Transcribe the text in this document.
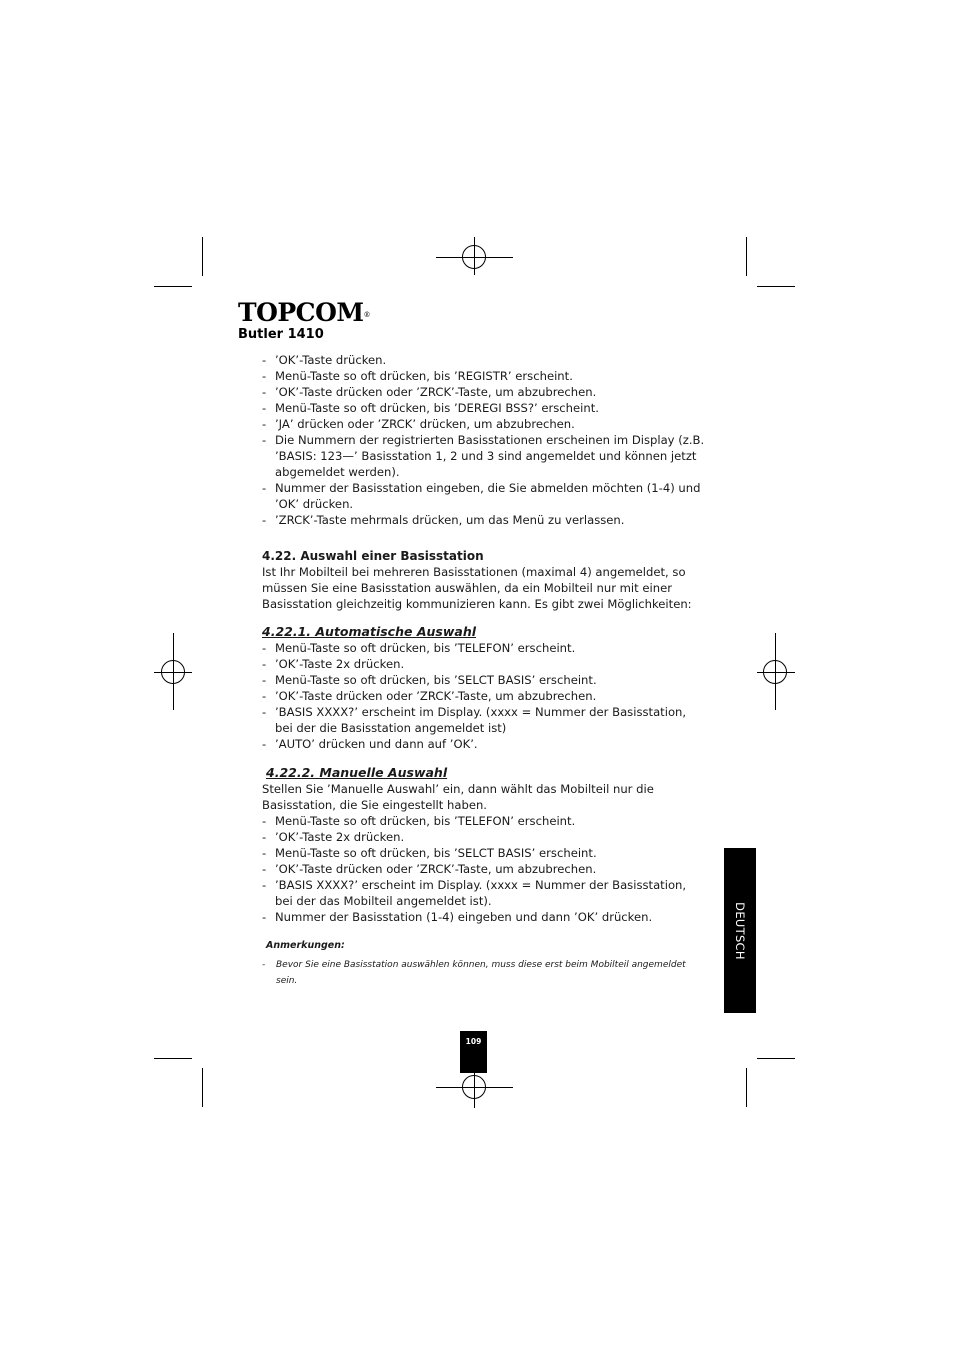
TOPCOM®
Butler 1410
- ’OK’-Taste drücken.
- Menü-Taste so oft drücken, bis ’REGISTR’ erscheint.
- ’OK’-Taste drücken oder ’ZRCK’-Taste, um abzubrechen.
- Menü-Taste so oft drücken, bis ’DEREGI BSS?’ erscheint.
- ’JA’ drücken oder ’ZRCK’ drücken, um abzubrechen.
- Die Nummern der registrierten Basisstationen erscheinen im Display (z.B. ’BASIS: 123—’ Basisstation 1, 2 und 3 sind angemeldet und können jetzt abgemeldet werden).
- Nummer der Basisstation eingeben, die Sie abmelden möchten (1-4) und ’OK’ drücken.
- ’ZRCK’-Taste mehrmals drücken, um das Menü zu verlassen.
4.22. Auswahl einer Basisstation

Ist Ihr Mobilteil bei mehreren Basisstationen (maximal 4) angemeldet, so müssen Sie eine Basisstation auswählen, da ein Mobilteil nur mit einer Basisstation gleichzeitig kommunizieren kann. Es gibt zwei Möglichkeiten:

4.22.1. Automatische Auswahl
- Menü-Taste so oft drücken, bis ’TELEFON’ erscheint.
- ’OK’-Taste 2x drücken.
- Menü-Taste so oft drücken, bis ’SELCT BASIS’ erscheint.
- ’OK’-Taste drücken oder ’ZRCK’-Taste, um abzubrechen.
- ’BASIS XXXX?’ erscheint im Display. (xxxx = Nummer der Basisstation, bei der die Basisstation angemeldet ist)
- ’AUTO’ drücken und dann auf ’OK’.
4.22.2. Manuelle Auswahl

Stellen Sie ’Manuelle Auswahl’ ein, dann wählt das Mobilteil nur die Basisstation, die Sie eingestellt haben.

- Menü-Taste so oft drücken, bis ’TELEFON’ erscheint.
- ’OK’-Taste 2x drücken.
- Menü-Taste so oft drücken, bis ’SELCT BASIS’ erscheint.
- ’OK’-Taste drücken oder ’ZRCK’-Taste, um abzubrechen.
- ’BASIS XXXX?’ erscheint im Display. (xxxx = Nummer der Basisstation, bei der das Mobilteil angemeldet ist).
- Nummer der Basisstation (1-4) eingeben und dann ’OK’ drücken.
Anmerkungen:
- Bevor Sie eine Basisstation auswählen können, muss diese erst beim Mobilteil angemeldet sein.
DEUTSCH
109
